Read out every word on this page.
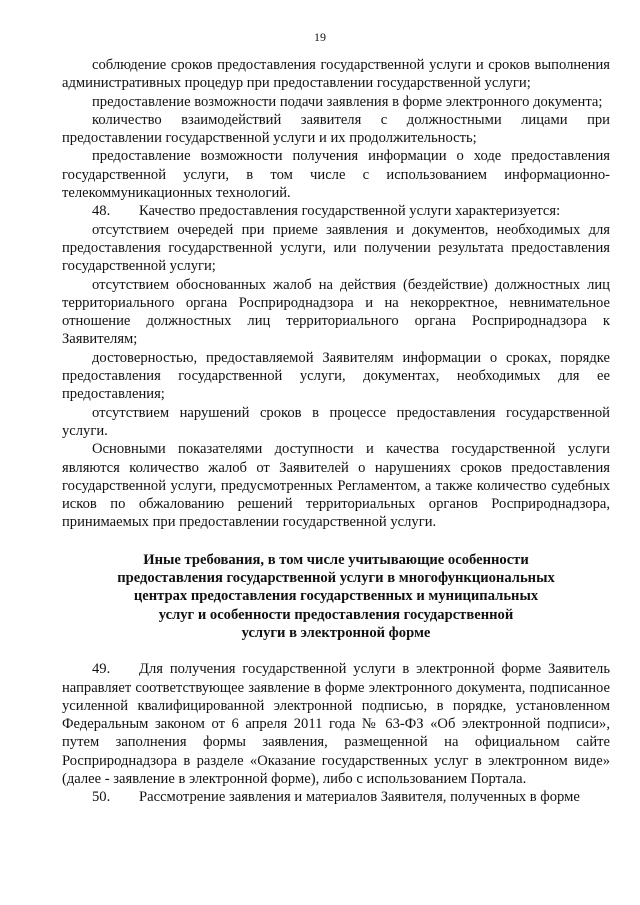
19

соблюдение сроков предоставления государственной услуги и сроков выполнения административных процедур при предоставлении государственной услуги;

предоставление возможности подачи заявления в форме электронного документа;

количество взаимодействий заявителя с должностными лицами при предоставлении государственной услуги и их продолжительность;

предоставление возможности получения информации о ходе предоставления государственной услуги, в том числе с использованием информационно-телекоммуникационных технологий.

48. Качество предоставления государственной услуги характеризуется:

отсутствием очередей при приеме заявления и документов, необходимых для предоставления государственной услуги, или получении результата предоставления государственной услуги;

отсутствием обоснованных жалоб на действия (бездействие) должностных лиц территориального органа Росприроднадзора и на некорректное, невнимательное отношение должностных лиц территориального органа Росприроднадзора к Заявителям;

достоверностью, предоставляемой Заявителям информации о сроках, порядке предоставления государственной услуги, документах, необходимых для ее предоставления;

отсутствием нарушений сроков в процессе предоставления государственной услуги.

Основными показателями доступности и качества государственной услуги являются количество жалоб от Заявителей о нарушениях сроков предоставления государственной услуги, предусмотренных Регламентом, а также количество судебных исков по обжалованию решений территориальных органов Росприроднадзора, принимаемых при предоставлении государственной услуги.

Иные требования, в том числе учитывающие особенности
предоставления государственной услуги в многофункциональных
центрах предоставления государственных и муниципальных
услуг и особенности предоставления государственной
услуги в электронной форме

49. Для получения государственной услуги в электронной форме Заявитель направляет соответствующее заявление в форме электронного документа, подписанное усиленной квалифицированной электронной подписью, в порядке, установленном Федеральным законом от 6 апреля 2011 года № 63-ФЗ «Об электронной подписи», путем заполнения формы заявления, размещенной на официальном сайте Росприроднадзора в разделе «Оказание государственных услуг в электронном виде» (далее - заявление в электронной форме), либо с использованием Портала.

50. Рассмотрение заявления и материалов Заявителя, полученных в форме
